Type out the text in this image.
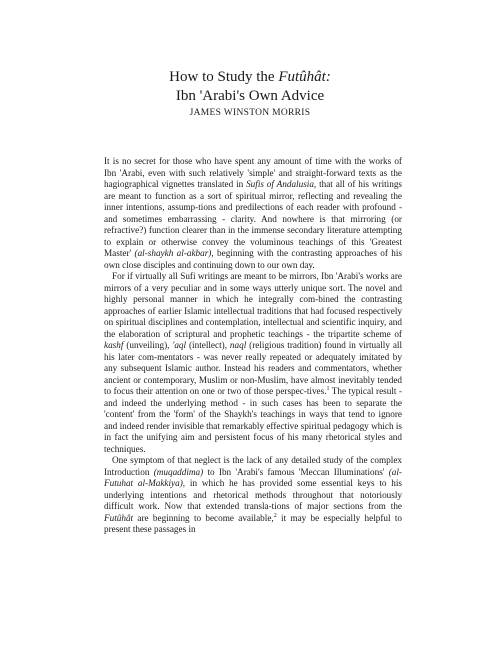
How to Study the Futûhât:

Ibn 'Arabi's Own Advice

JAMES WINSTON MORRIS

It is no secret for those who have spent any amount of time with the works of Ibn 'Arabi, even with such relatively 'simple' and straight-forward texts as the hagiographical vignettes translated in Sufis of Andalusia, that all of his writings are meant to function as a sort of spiritual mirror, reflecting and revealing the inner intentions, assump-tions and predilections of each reader with profound - and sometimes embarrassing - clarity. And nowhere is that mirroring (or refractive?) function clearer than in the immense secondary literature attempting to explain or otherwise convey the voluminous teachings of this 'Greatest Master' (al-shaykh al-akbar), beginning with the contrasting approaches of his own close disciples and continuing down to our own day.

For if virtually all Sufi writings are meant to be mirrors, Ibn 'Arabi's works are mirrors of a very peculiar and in some ways utterly unique sort. The novel and highly personal manner in which he integrally com-bined the contrasting approaches of earlier Islamic intellectual traditions that had focused respectively on spiritual disciplines and contemplation, intellectual and scientific inquiry, and the elaboration of scriptural and prophetic teachings - the tripartite scheme of kashf (unveiling), 'aql (intellect), naql (religious tradition) found in virtually all his later com-mentators - was never really repeated or adequately imitated by any subsequent Islamic author. Instead his readers and commentators, whether ancient or contemporary, Muslim or non-Muslim, have almost inevitably tended to focus their attention on one or two of those perspec-tives.$^1$ The typical result - and indeed the underlying method - in such cases has been to separate the 'content' from the 'form' of the Shaykh's teachings in ways that tend to ignore and indeed render invisible that remarkably effective spiritual pedagogy which is in fact the unifying aim and persistent focus of his many rhetorical styles and techniques.

One symptom of that neglect is the lack of any detailed study of the complex Introduction (muqaddima) to Ibn 'Arabi's famous 'Meccan Illuminations' (al-Futuhat al-Makkiya), in which he has provided some essential keys to his underlying intentions and rhetorical methods throughout that notoriously difficult work. Now that extended transla-tions of major sections from the Futûhât are beginning to become available,$^2$ it may be especially helpful to present these passages in
